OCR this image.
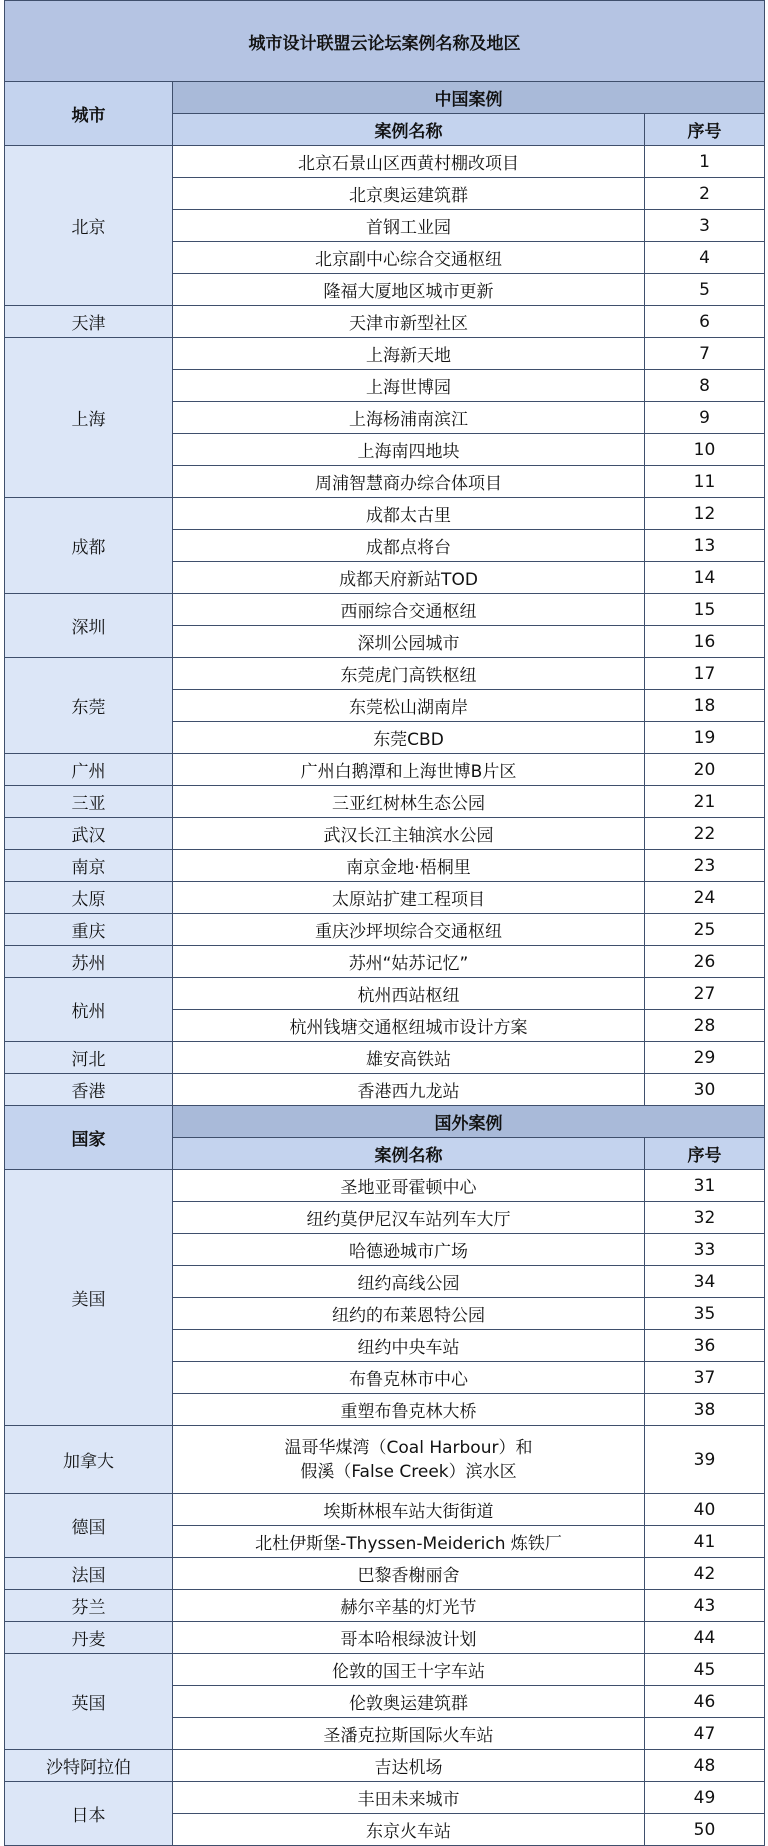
城市设计联盟云论坛案例名称及地区		
城市	中国案例	
	案例名称	序号
北京	北京石景山区西黄村棚改项目	1
	北京奥运建筑群	2
	首钢工业园	3
	北京副中心综合交通枢纽	4
	隆福大厦地区城市更新	5
天津	天津市新型社区	6
上海	上海新天地	7
	上海世博园	8
	上海杨浦南滨江	9
	上海南四地块	10
	周浦智慧商办综合体项目	11
成都	成都太古里	12
	成都点将台	13
	成都天府新站TOD	14
深圳	西丽综合交通枢纽	15
	深圳公园城市	16
东莞	东莞虎门高铁枢纽	17
	东莞松山湖南岸	18
	东莞CBD	19
广州	广州白鹅潭和上海世博B片区	20
三亚	三亚红树林生态公园	21
武汉	武汉长江主轴滨水公园	22
南京	南京金地·梧桐里	23
太原	太原站扩建工程项目	24
重庆	重庆沙坪坝综合交通枢纽	25
苏州	苏州“姑苏记忆”	26
杭州	杭州西站枢纽	27
	杭州钱塘交通枢纽城市设计方案	28
河北	雄安高铁站	29
香港	香港西九龙站	30
国家	国外案例	
	案例名称	序号
美国	圣地亚哥霍顿中心	31
	纽约莫伊尼汉车站列车大厅	32
	哈德逊城市广场	33
	纽约高线公园	34
	纽约的布莱恩特公园	35
	纽约中央车站	36
	布鲁克林市中心	37
	重塑布鲁克林大桥	38
加拿大	温哥华煤湾（Coal Harbour）和
假溪（False Creek）滨水区	39
德国	埃斯林根车站大街街道	40
	北杜伊斯堡-Thyssen-Meiderich 炼铁厂	41
法国	巴黎香榭丽舍	42
芬兰	赫尔辛基的灯光节	43
丹麦	哥本哈根绿波计划	44
英国	伦敦的国王十字车站	45
	伦敦奥运建筑群	46
	圣潘克拉斯国际火车站	47
沙特阿拉伯	吉达机场	48
日本	丰田未来城市	49
	东京火车站	50
